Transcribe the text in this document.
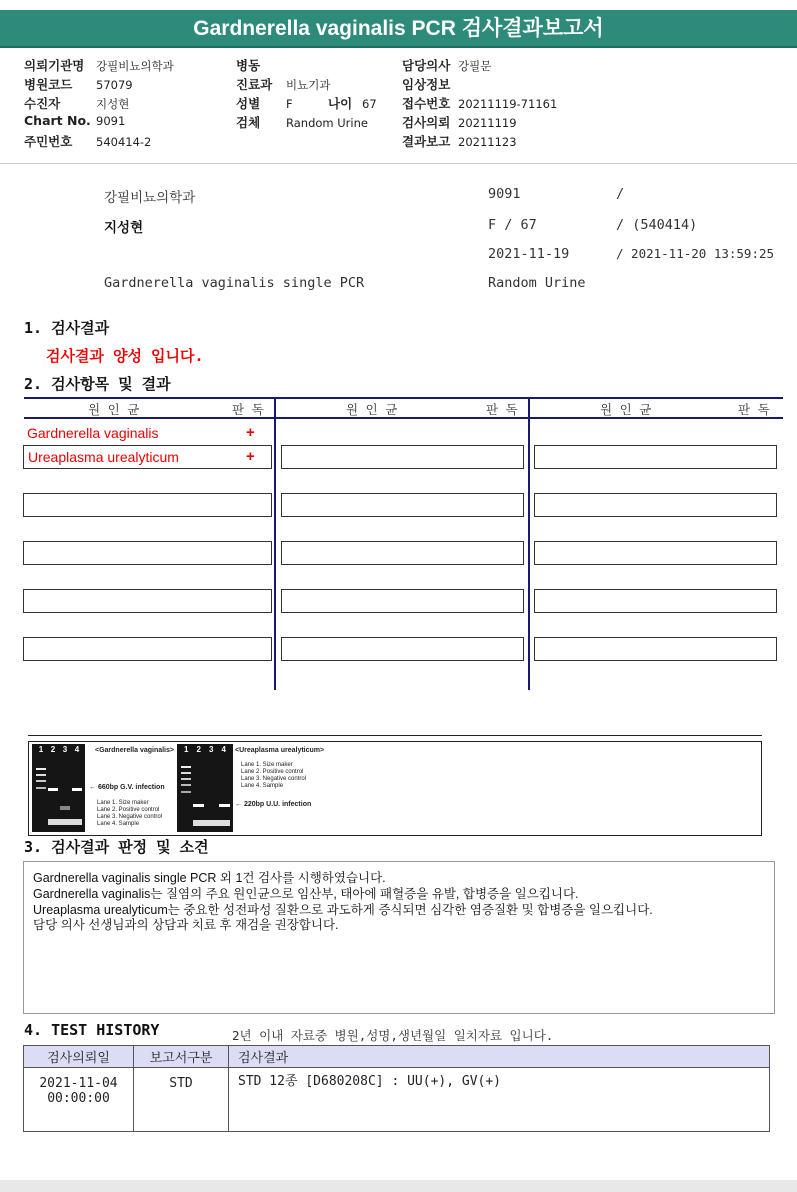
Gardnerella vaginalis PCR 검사결과보고서
의뢰기관명 강필비뇨의학과
병원코드 57079
수진자	지성현
Chart No. 9091
주민번호 540414-2
병동
진료과 비뇨기과
성별 F	나이 67
검체 Random Urine
담당의사 강필문
임상정보
접수번호 20211119-71161
검사의뢰 20211119
결과보고 20211123
강필비뇨의학과	9091	/
지성현	F / 67	/ (540414)
2021-11-19	/ 2021-11-20 13:59:25
Gardnerella vaginalis single PCR	Random Urine
1. 검사결과
검사결과 양성 입니다.
2. 검사항목 및 결과
원 인 균	판 독	원 인 균	판 독	원 인 균	판 독
Gardnerella vaginalis	+
Ureaplasma urealyticum	+
1 2 3 4 <Gardnerella vaginalis>
← 660bp G.V. infection
Lane 1. Size maker
Lane 2. Positive control
Lane 3. Negative control
Lane 4. Sample
1 2 3 4 <Ureaplasma urealyticum>
Lane 1. Size maker
Lane 2. Positive control
Lane 3. Negative control
Lane 4. Sample
← 220bp U.U. infection
3. 검사결과 판정 및 소견
Gardnerella vaginalis single PCR 외 1건 검사를 시행하였습니다.
Gardnerella vaginalis는 질염의 주요 원인균으로 임산부, 태아에 패혈증을 유발, 합병증을 일으킵니다.
Ureaplasma urealyticum는 중요한 성전파성 질환으로 과도하게 증식되면 심각한 염증질환 및 합병증을 일으킵니다.
담당 의사 선생님과의 상담과 치료 후 재검을 권장합니다.
4. TEST HISTORY	2년 이내 자료중 병원,성명,생년월일 일치자료 입니다.
검사의뢰일	보고서구분	검사결과

2021-11-04
00:00:00	STD	STD 12종 [D680208C] : UU(+), GV(+)
